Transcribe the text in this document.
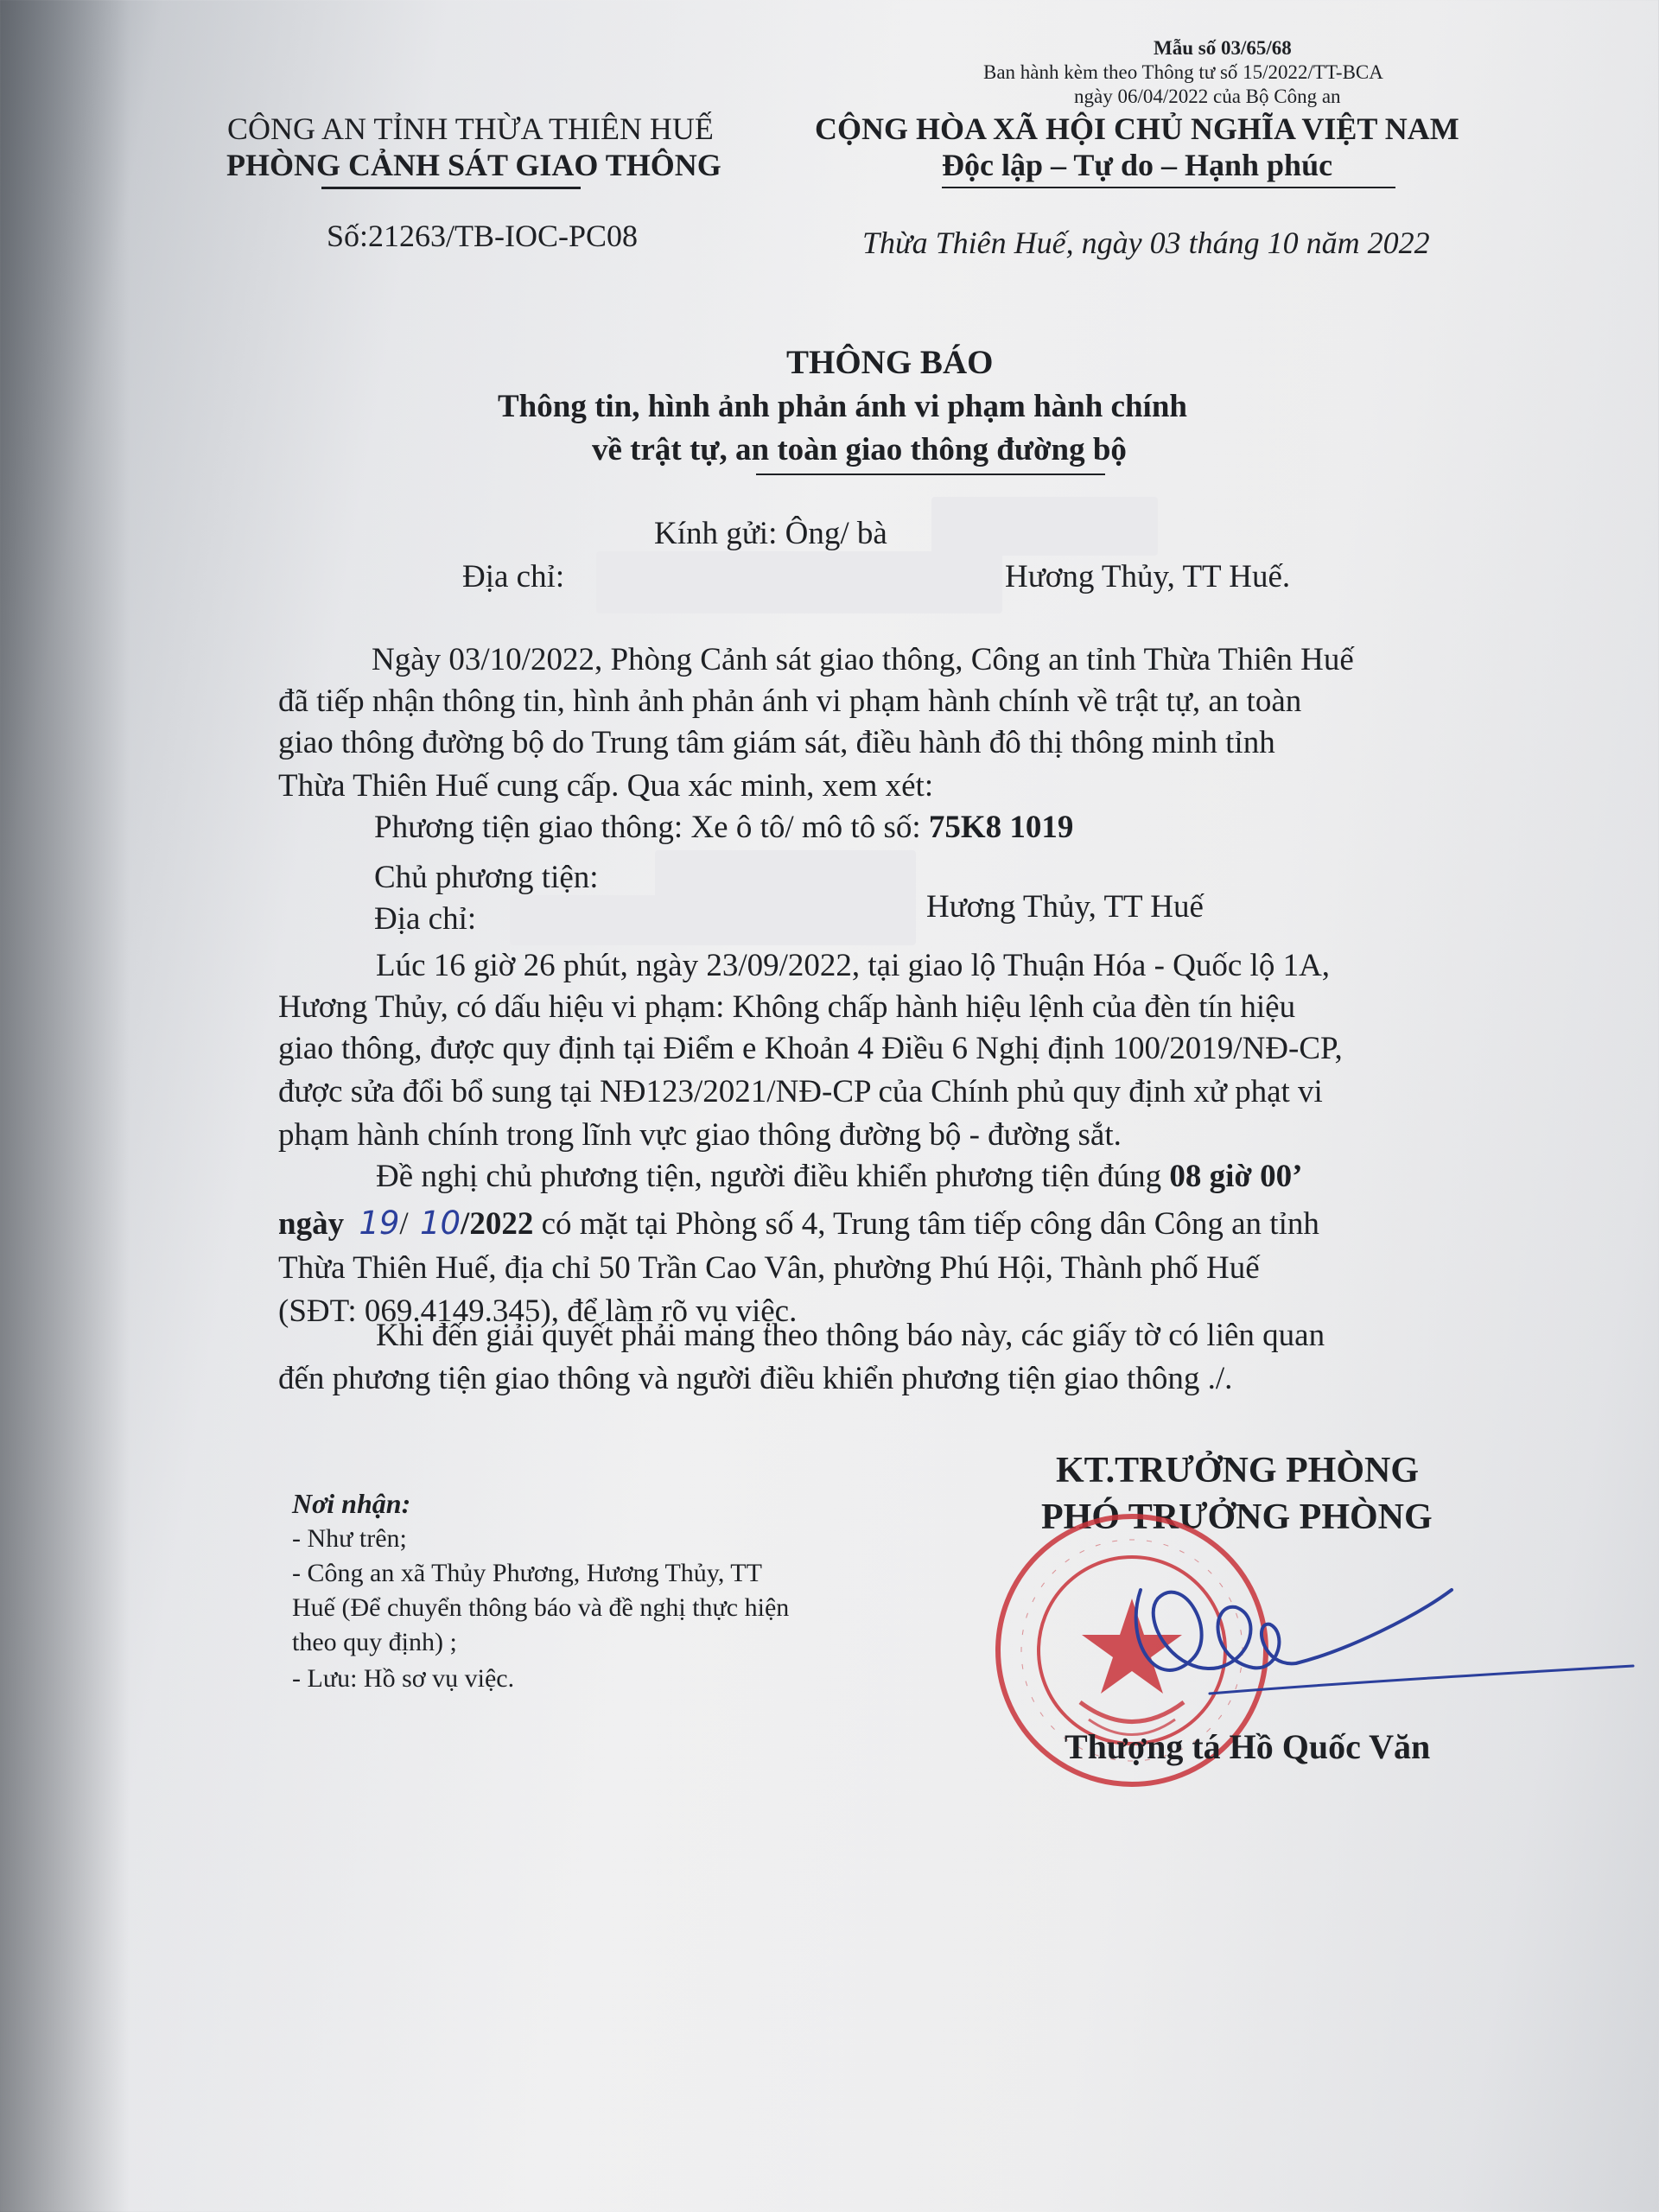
Mẫu số 03/65/68
Ban hành kèm theo Thông tư số 15/2022/TT-BCA
ngày 06/04/2022 của Bộ Công an
CÔNG AN TỈNH THỪA THIÊN HUẾ
PHÒNG CẢNH SÁT GIAO THÔNG
Số:21263/TB-IOC-PC08
CỘNG HÒA XÃ HỘI CHỦ NGHĨA VIỆT NAM
Độc lập – Tự do – Hạnh phúc
Thừa Thiên Huế, ngày 03 tháng 10 năm 2022
THÔNG BÁO
Thông tin, hình ảnh phản ánh vi phạm hành chính
về trật tự, an toàn giao thông đường bộ
Kính gửi: Ông/ bà
Địa chỉ:	Hương Thủy, TT Huế.
Ngày 03/10/2022, Phòng Cảnh sát giao thông, Công an tỉnh Thừa Thiên Huế
đã tiếp nhận thông tin, hình ảnh phản ánh vi phạm hành chính về trật tự, an toàn
giao thông đường bộ do Trung tâm giám sát, điều hành đô thị thông minh tỉnh
Thừa Thiên Huế cung cấp. Qua xác minh, xem xét:
Phương tiện giao thông: Xe ô tô/ mô tô số: 75K8 1019
Chủ phương tiện:
Địa chỉ:	Hương Thủy, TT Huế
Lúc 16 giờ 26 phút, ngày 23/09/2022, tại giao lộ Thuận Hóa - Quốc lộ 1A,
Hương Thủy, có dấu hiệu vi phạm: Không chấp hành hiệu lệnh của đèn tín hiệu
giao thông, được quy định tại Điểm e Khoản 4 Điều 6 Nghị định 100/2019/NĐ-CP,
được sửa đổi bổ sung tại NĐ123/2021/NĐ-CP của Chính phủ quy định xử phạt vi
phạm hành chính trong lĩnh vực giao thông đường bộ - đường sắt.
Đề nghị chủ phương tiện, người điều khiển phương tiện đúng 08 giờ 00’
ngày 19/ 10/2022 có mặt tại Phòng số 4, Trung tâm tiếp công dân Công an tỉnh
Thừa Thiên Huế, địa chỉ 50 Trần Cao Vân, phường Phú Hội, Thành phố Huế
(SĐT: 069.4149.345), để làm rõ vụ việc.
Khi đến giải quyết phải mang theo thông báo này, các giấy tờ có liên quan
đến phương tiện giao thông và người điều khiển phương tiện giao thông ./.
Nơi nhận:
- Như trên;
- Công an xã Thủy Phương, Hương Thủy, TT
Huế (Để chuyển thông báo và đề nghị thực hiện
theo quy định) ;
- Lưu: Hồ sơ vụ việc.
KT.TRƯỞNG PHÒNG
PHÓ TRƯỞNG PHÒNG
Thượng tá Hồ Quốc Văn
